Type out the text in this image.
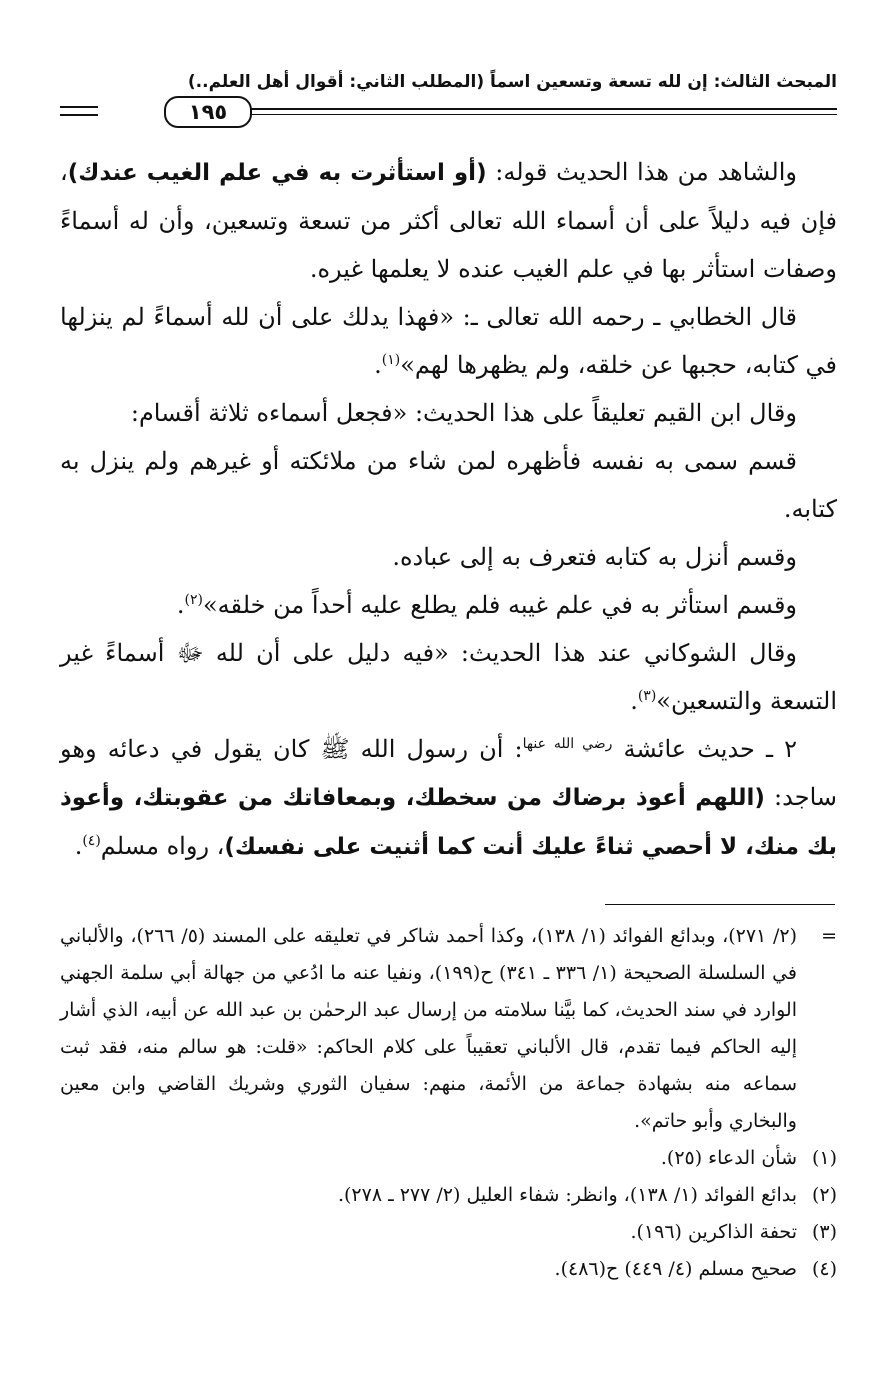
المبحث الثالث: إن لله تسعة وتسعين اسماً (المطلب الثاني: أقوال أهل العلم..)
١٩٥

والشاهد من هذا الحديث قوله: (أو استأثرت به في علم الغيب عندك)، فإن فيه دليلاً على أن أسماء الله تعالى أكثر من تسعة وتسعين، وأن له أسماءً وصفات استأثر بها في علم الغيب عنده لا يعلمها غيره.

قال الخطابي ـ رحمه الله تعالى ـ: «فهذا يدلك على أن لله أسماءً لم ينزلها في كتابه، حجبها عن خلقه، ولم يظهرها لهم»$^{(١)}$.

وقال ابن القيم تعليقاً على هذا الحديث: «فجعل أسماءه ثلاثة أقسام:

قسم سمى به نفسه فأظهره لمن شاء من ملائكته أو غيرهم ولم ينزل به كتابه.

وقسم أنزل به كتابه فتعرف به إلى عباده.

وقسم استأثر به في علم غيبه فلم يطلع عليه أحداً من خلقه»$^{(٢)}$.

وقال الشوكاني عند هذا الحديث: «فيه دليل على أن لله ﷻ أسماءً غير التسعة والتسعين»$^{(٣)}$.

٢ ـ حديث عائشة $^{رضي الله عنها}$: أن رسول الله ﷺ كان يقول في دعائه وهو ساجد: (اللهم أعوذ برضاك من سخطك، وبمعافاتك من عقوبتك، وأعوذ بك منك، لا أحصي ثناءً عليك أنت كما أثنيت على نفسك)، رواه مسلم$^{(٤)}$.

=
(٢/ ٢٧١)، وبدائع الفوائد (١/ ١٣٨)، وكذا أحمد شاكر في تعليقه على المسند (٥/ ٢٦٦)، والألباني في السلسلة الصحيحة (١/ ٣٣٦ ـ ٣٤١) ح(١٩٩)، ونفيا عنه ما ادُعي من جهالة أبي سلمة الجهني الوارد في سند الحديث، كما بيَّنا سلامته من إرسال عبد الرحمٰن بن عبد الله عن أبيه، الذي أشار إليه الحاكم فيما تقدم، قال الألباني تعقيباً على كلام الحاكم: «قلت: هو سالم منه، فقد ثبت سماعه منه بشهادة جماعة من الأئمة، منهم: سفيان الثوري وشريك القاضي وابن معين والبخاري وأبو حاتم».

(١)
شأن الدعاء (٢٥).
(٢)
بدائع الفوائد (١/ ١٣٨)، وانظر: شفاء العليل (٢/ ٢٧٧ ـ ٢٧٨).
(٣)
تحفة الذاكرين (١٩٦).
(٤)
صحيح مسلم (٤/ ٤٤٩) ح(٤٨٦).
